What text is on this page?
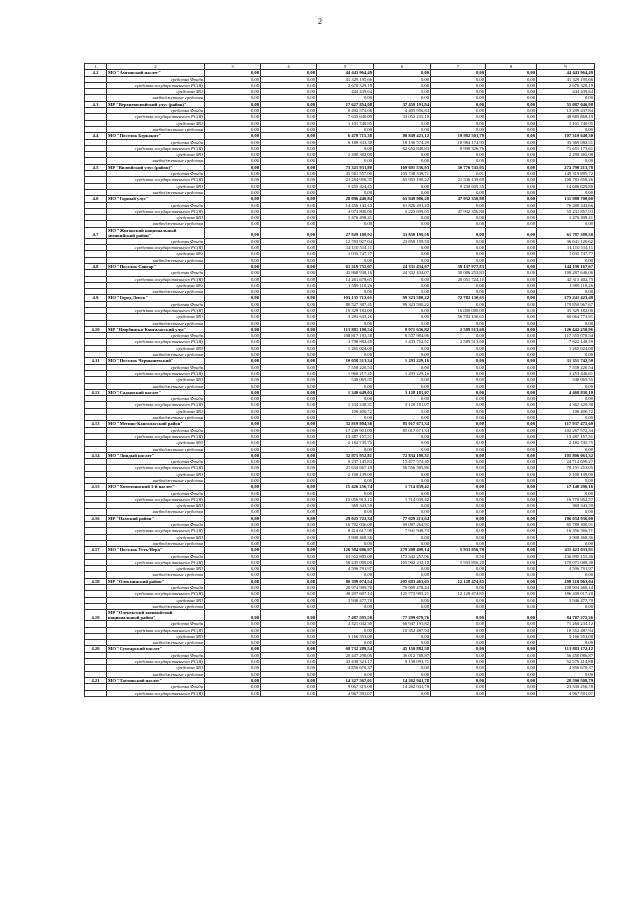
2
1	2	3	4	5	6	7	8	9
4.2	МО "Амгинский наслег"	0,00	0,00	44 443 964,49	0,00	0,00	0,00	44 443 964,49
	средства Фонда	0,00	0,00	41 329 195,66	0,00	0,00	0,00	41 329 195,66
	средства государственного РС(Я)	0,00	0,00	2 670 329,19	0,00	0,00	0,00	2 670 329,19
	средства МО	0,00	0,00	444 439,64	0,00	0,00	0,00	444 439,64
	внебюджетные средства	0,00	0,00	0,00	0,00	0,00	0,00	0,00
4.3	МР "Верхневилюйский улус (район)"	0,00	0,00	17 627 854,08	37 459 191,94	0,00	0,00	55 087 046,98
	средства Фонда	0,00	0,00	8 492 574,06	4 405 956,84	0,00	0,00	13 299 437,84
	средства государственного РС(Я)	0,00	0,00	7 633 640,09	33 052 235,10	0,00	0,00	40 685 868,19
	средства МО	0,00	0,00	1 101 740,95	0,00	0,00	0,00	1 101 740,95
	внебюджетные средства	0,00	0,00	0,00	0,00	0,00	0,00	0,00
4.4	МО "Поселок Беркакит"	0,00	0,00	6 478 715,38	80 849 423,12	19 982 501,79	0,00	107 310 640,30
	средства Фонда	0,00	0,00	6 188 333,30	18 196 574,29	10 984 174,93	0,00	35 369 082,51
	средства государственного РС(Я)	0,00	0,00	0,00	62 652 848,83	8 998 326,76	0,00	71 651 175,61
	средства МО	0,00	0,00	2 290 382,08	0,00	0,00	0,00	2 290 382,08
	внебюджетные средства	0,00	0,00	0,00	0,00	0,00	0,00	0,00
4.5	МР "Вилюйский улус (район)"	0,00	0,00	73 321 931,80	169 691 536,93	30 776 745,05	0,00	273 790 213,78
	средства Фонда	0,00	0,00	45 581 557,00	103 738 338,71	0,01	0,00	149 319 895,72
	средства государственного РС(Я)	0,00	0,00	21 284 950,35	65 953 198,22	21 546 139,69	0,00	108 783 858,26
	средства МО	0,00	0,00	5 455 424,45	0,00	9 230 605,35	0,00	14 686 029,80
	внебюджетные средства	0,00	0,00	0,00	0,00	0,00	0,00	0,00
4.6	МО "Горный улус"	0,00	0,00	28 096 440,84	65 849 906,28	47 932 356,88	0,00	131 988 700,00
	средства Фонда	0,00	0,00	14 456 142,43	61 826 201,23	0,00	0,00	76 280 343,66
	средства государственного РС(Я)	0,00	0,00	4 073 800,00	3 223 699,05	47 932 356,88	0,00	55 231 857,93
	средства МО	0,00	0,00	1 476 498,41	0,00	0,00	0,00	1 476 498,41
	внебюджетные средства	0,00	0,00	0,00	0,00	0,00	0,00	0,00
4.7	МО "Жиганский национальный эвенкийский район"	0,00	0,00	27 929 188,92	33 858 199,58	0,00	0,00	61 787 388,50
	средства Фонда	0,00	0,00	12 783 927,04	23 858 199,58	0,00	0,00	36 641 126,62
	средства государственного РС(Я)	0,00	0,00	14 110 514,11	0,00	0,00	0,00	14 110 514,11
	средства МО	0,00	0,00	1 035 747,77	0,00	0,00	0,00	1 035 747,77
	внебюджетные средства	0,00	0,00	0,00	0,00	0,00	0,00	0,00
4.8	МО "Поселок Сангар"	0,00	0,00	61 319 755,07	24 331 434,07	58 137 977,83	0,00	144 190 167,67
	средства Фонда	0,00	0,00	45 868 938,16	24 332 434,07	30 086 253,83	0,00	100 287 646,06
	средства государственного РС(Я)	0,00	0,00	14 261 678,65	0,00	28 051 724,10	0,00	42 313 402,75
	средства МО	0,00	0,00	1 589 118,26	0,00	0,00	0,00	1 589 118,26
	внебюджетные средства	0,00	0,00	0,00	0,00	0,00	0,00	0,00
4.9	МО "Город Ленск"	0,00	0,00	103 135 712,61	99 323 580,22	72 782 130,65	0,00	275 241 423,48
	средства Фонда	0,00	0,00	80 527 387,45	99 323 580,22	0,00	0,00	179 850 967,67
	средства государственного РС(Я)	0,00	0,00	19 329 182,00	0,00	16 000 000,00	0,00	35 329 182,00
	средства МО	0,00	0,00	3 283 643,16	0,00	56 782 130,65	0,00	60 064 773,81
	внебюджетные средства	0,00	0,00	0,00	0,00	0,00	0,00	0,00
4.10	МР "Нюрбинско-Кангаласский улус"	0,00	0,00	113 881 100,54	9 971 636,82	2 589 513,60	0,00	126 442 250,96
	средства Фонда	0,00	0,00	108 817 193,58	8 537 984,96	0,00	0,00	117 355 078,54
	средства государственного РС(Я)	0,00	0,00	3 798 882,49	1 433 752,51	2 589 513,60	0,00	7 822 148,59
	средства МО	0,00	0,00	1 265 024,00	0,00	0,00	0,00	1 265 024,00
	внебюджетные средства	0,00	0,00	0,00	0,00	0,00	0,00	0,00
4.11	МО "Поселок Чернышевский"	0,00	0,00	10 058 513,34	1 293 229,16	0,00	0,00	11 351 742,50
	средства Фонда	0,00	0,00	7 558 220,54	0,00	0,00	0,00	7 558 220,54
	средства государственного РС(Я)	0,00	0,00	1 960 217,45	1 293 229,16	0,00	0,00	3 253 446,61
	средства МО	0,00	0,00	540 065,35	0,00	0,00	0,00	540 065,35
	внебюджетные средства	0,00	0,00	0,00	0,00	0,00	0,00	0,00
4.12	МО "Садынский наслег"	0,00	0,00	1 340 649,03	3 128 181,07	0,00	0,00	4 468 830,10
	средства Фонда	0,00	0,00	0,00	0,00	0,00	0,00	0,00
	средства государственного РС(Я)	0,00	0,00	1 234 248,31	3 128 181,07	0,00	0,00	4 362 429,38
	средства МО	0,00	0,00	106 400,72	0,00	0,00	0,00	106 400,72
	внебюджетные средства	0,00	0,00	0,00	0,00	0,00	0,00	0,00
4.13	МО "Мегино-Кангаласский район"	0,00	0,00	32 919 804,36	85 017 671,34	0,00	0,00	117 937 475,60
	средства Фонда	0,00	0,00	17 249 901,00	85 017 671,34	0,00	0,00	102 267 572,34
	средства государственного РС(Я)	0,00	0,00	13 487 157,51	0,00	0,00	0,00	13 487 157,51
	средства МО	0,00	0,00	2 182 745,75	0,00	0,00	0,00	2 182 745,75
	внебюджетные средства	0,00	0,00	0,00	0,00	0,00	0,00	0,00
4.14	МО "Линдый наслег"	0,00	0,00	32 971 952,81	72 834 108,31	0,00	0,00	105 806 061,32
	средства Фонда	0,00	0,00	9 237 145,83	15 477 574,45	0,00	0,00	24 714 690,27
	средства государственного РС(Я)	0,00	0,00	21 634 667,19	56 556 585,86	0,00	0,00	78 191 253,05
	средства МО	0,00	0,00	2 100 139,00	0,00	0,00	0,00	2 100 139,00
	внебюджетные средства	0,00	0,00	0,00	0,00	0,00	0,00	0,00
4.15	МО "Хоточчинский 1-й наслег"	0,00	0,00	15 426 256,74	1 714 039,42	0,00	0,00	17 140 296,16
	средства Фонда	0,00	0,00	0,00	0,00	0,00	0,00	0,00
	средства государственного РС(Я)	0,00	0,00	15 056 913,15	1 714 039,42	0,00	0,00	16 770 952,57
	средства МО	0,00	0,00	369 343,59	0,00	0,00	0,00	369 343,59
	внебюджетные средства	0,00	0,00	0,00	0,00	0,00	0,00	0,00
4.16	МР "Намский район"	0,00	0,00	29 025 722,34	77 029 213,64	0,00	0,00	106 054 936,00
	средства Фонда	0,00	0,00	16 702 036,00	69 087 264,91	0,00	0,00	85 789 300,91
	средства государственного РС(Я)	0,00	0,00	8 414 617,98	7 941 948,73	0,00	0,00	16 356 566,71
	средства МО	0,00	0,00	3 908 468,36	0,00	0,00	0,00	3 908 468,36
	внебюджетные средства	0,00	0,00	0,00	0,00	0,00	0,00	0,00
4.17	МО "Поселок Усть-Нера"	0,00	0,00	126 384 686,97	279 208 490,14	5 933 856,70	0,00	411 423 033,81
	средства Фонда	0,00	0,00	63 552 805,00	173 342 257,96	0,50	0,00	236 895 153,46
	средства государственного РС(Я)	0,00	0,00	58 235 000,00	105 902 232,18	5 933 856,20	0,00	170 071 088,38
	средства МО	0,00	0,00	4 596 791,97	0,00	0,00	0,00	4 596 791,97
	внебюджетные средства	0,00	0,00	0,00	0,00	0,00	0,00	0,00
4.18	МР "Олекминский район"	0,00	0,00	80 399 074,54	205 683 463,65	12 128 474,85	0,00	298 210 963,04
	средства Фонда	0,00	0,00	28 974 989,70	79 909 478,44	0,00	0,00	108 904 468,14
	средства государственного РС(Я)	0,00	0,00	48 297 607,14	125 773 985,21	12 128 474,85	0,00	186 200 017,20
	средства МО	0,00	0,00	3 946 477,70	0,00	0,00	0,00	3 946 477,70
	внебюджетные средства	0,00	0,00	0,00	0,00	0,00	0,00	0,00
4.19	МР "Оленекский эвенкийский национальный район"	0,00	0,00	7 487 595,50	77 299 679,76	0,00	0,00	84 787 275,26
	средства Фонда	0,00	0,00	4 321 042,30	66 947 191,82	0,00	0,00	71 268 234,12
	средства государственного РС(Я)	0,00	0,00	0,00	10 352 487,94	0,00	0,00	10 352 487,94
	средства МО	0,00	0,00	3 166 553,00	0,00	0,00	0,00	3 166 553,00
	внебюджетные средства	0,00	0,00	0,00	0,00	0,00	0,00	0,00
4.20	МО "Сунтарский наслег"	0,00	0,00	68 732 289,54	45 150 882,58	0,00	0,00	113 883 172,12
	средства Фонда	0,00	0,00	20 437 298,00	36 012 788,87	0,00	0,00	56 450 086,87
	средства государственного РС(Я)	0,00	0,00	43 438 321,17	9 138 093,71	0,00	0,00	52 576 414,88
	средства МО	0,00	0,00	4 856 670,37	0,00	0,00	0,00	4 856 670,37
	внебюджетные средства	0,00	0,00	0,00	0,00	0,00	0,00	0,00
4.21	МО "Таттинский наслег"	0,00	0,00	14 327 567,01	14 262 941,78	0,00	0,00	28 590 508,79
	средства Фонда	0,00	0,00	9 067 315,00	14 262 941,78	0,00	0,00	23 330 256,78
	средства государственного РС(Я)	0,00	0,00	4 967 591,07	0,00	0,00	0,00	4 967 591,07
